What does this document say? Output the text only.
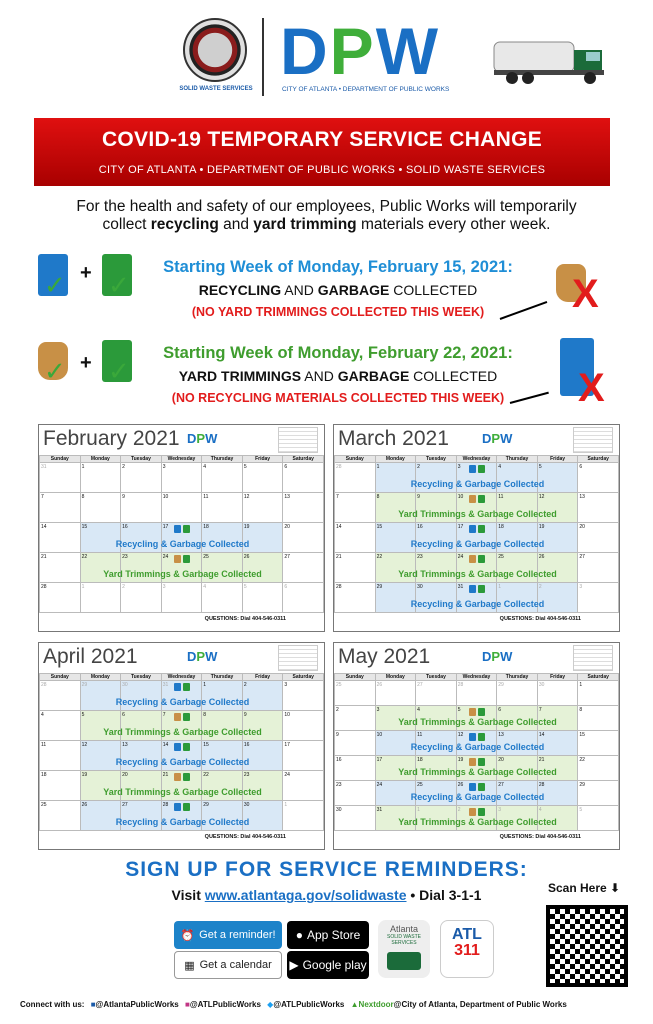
SOLID WASTE SERVICES
DPW
CITY OF ATLANTA • DEPARTMENT OF PUBLIC WORKS
COVID-19 TEMPORARY SERVICE CHANGE

CITY OF ATLANTA • DEPARTMENT OF PUBLIC WORKS • SOLID WASTE SERVICES

For the health and safety of our employees, Public Works will temporarily
collect recycling and yard trimming materials every other week.
✓ + ✓
Starting Week of Monday, February 15, 2021:
RECYCLING AND GARBAGE COLLECTED
(NO YARD TRIMMINGS COLLECTED THIS WEEK)	X
✓ + ✓
Starting Week of Monday, February 22, 2021:
YARD TRIMMINGS AND GARBAGE COLLECTED
(NO RECYCLING MATERIALS COLLECTED THIS WEEK)	X
February 2021 DPW
Sunday	Monday	Tuesday	Wednesday	Thursday	Friday	Saturday
31	1	2	3	4	5	6
7	8	9	10	11	12	13
14	15	16	17	18	19	20
21	22	23	24	25	26	27
28	1	2	3	4	5	6
QUESTIONS: Dial 404-546-0311
Recycling & Garbage Collected
Yard Trimmings & Garbage Collected
March 2021	DPW
Sunday	Monday	Tuesday	Wednesday	Thursday	Friday	Saturday
28	1	2	3	4	5	6
7	8	9	10	11	12	13
14	15	16	17	18	19	20
21	22	23	24	25	26	27
28	29	30	31	1	2	3
QUESTIONS: Dial 404-546-0311
Recycling & Garbage Collected
Yard Trimmings & Garbage Collected
Recycling & Garbage Collected
Yard Trimmings & Garbage Collected
Recycling & Garbage Collected
April 2021	DPW
Sunday	Monday	Tuesday	Wednesday	Thursday	Friday	Saturday
28	29	30	31	1	2	3
4	5	6	7	8	9	10
11	12	13	14	15	16	17
18	19	20	21	22	23	24
25	26	27	28	29	30	1
QUESTIONS: Dial 404-546-0311
Recycling & Garbage Collected
Yard Trimmings & Garbage Collected
Recycling & Garbage Collected
Yard Trimmings & Garbage Collected
Recycling & Garbage Collected
May 2021	DPW
Sunday	Monday	Tuesday	Wednesday	Thursday	Friday	Saturday
25	26	27	28	29	30	1
2	3	4	5	6	7	8
9	10	11	12	13	14	15
16	17	18	19	20	21	22
23	24	25	26	27	28	29
30	31	1	2	3	4	5
QUESTIONS: Dial 404-546-0311
Yard Trimmings & Garbage Collected
Recycling & Garbage Collected
Yard Trimmings & Garbage Collected
Recycling & Garbage Collected
Yard Trimmings & Garbage Collected
SIGN UP FOR SERVICE REMINDERS:
Visit www.atlantaga.gov/solidwaste • Dial 3-1-1	Scan Here ⬇
⏰ Get a reminder!
▦ Get a calendar
● App Store
▶ Google play
Atlanta
SOLID WASTE SERVICES	ATL
311
Connect with us: ■@AtlantaPublicWorks ■@ATLPublicWorks ◆@ATLPublicWorks ▲Nextdoor@City of Atlanta, Department of Public Works
